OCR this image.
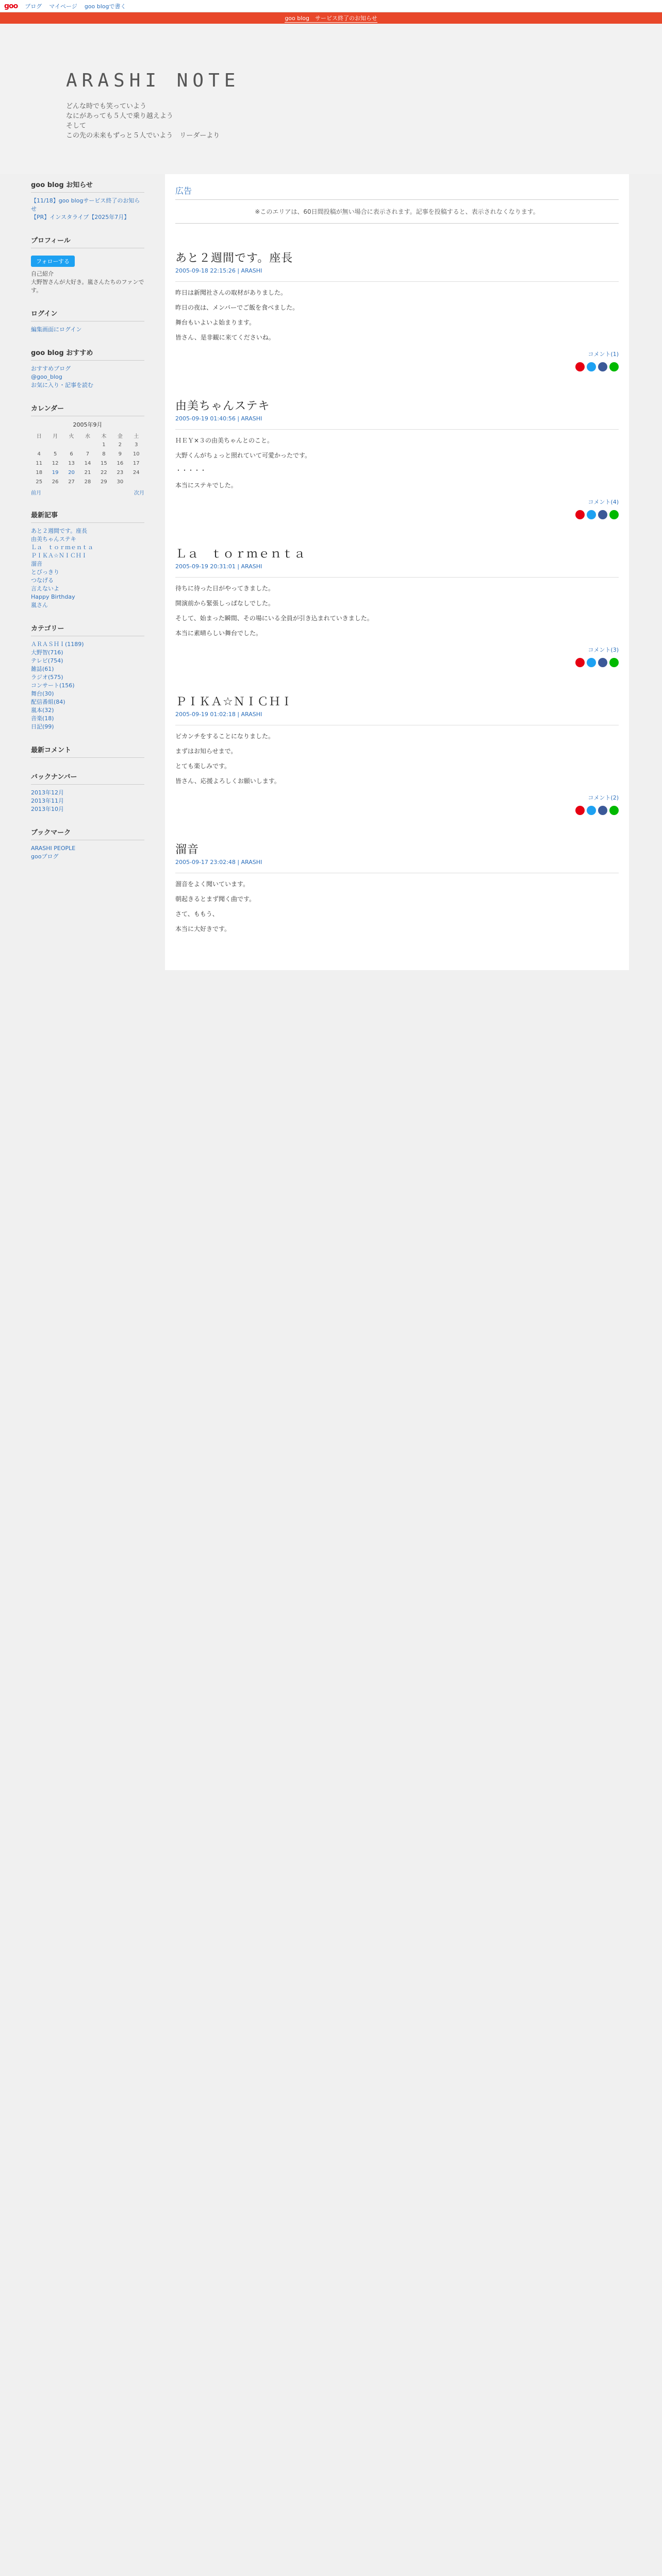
goo ブログ マイページ goo blogで書く
goo blog　サービス終了のお知らせ
ARASHI NOTE
どんな時でも笑っていよう
なにがあっても５人で乗り越えよう
そして
この先の未来もずっと５人でいよう　リーダーより
goo blog お知らせ
【11/18】goo blogサービス終了のお知らせ
【PR】インスタライブ【2025年7月】
プロフィール
フォローする
自己紹介
大野智さんが大好き。嵐さんたちのファンです。
ログイン
編集画面にログイン
goo blog おすすめ
おすすめブログ
@goo_blog
お気に入り・記事を読む
カレンダー
2005年9月
日	月	火	水	木	金	土
				1	2	3
4	5	6	7	8	9	10
11	12	13	14	15	16	17
18	19	20	21	22	23	24
25	26	27	28	29	30	
前月	次月
最新記事
あと２週間です。座長
由美ちゃんステキ
Ｌａ　ｔｏｒｍｅｎｔａ
ＰＩＫＡ☆ＮＩＣＨＩ
溜音
とびっきり
つなげる
言えないよ
Happy Birthday
嵐さん
カテゴリー
ＡＲＡＳＨＩ(1189)
大野智(716)
テレビ(754)
雑誌(61)
ラジオ(575)
コンサート(156)
舞台(30)
配信番組(84)
嵐本(32)
音楽(18)
日記(99)
最新コメント
バックナンバー
2013年12月
2013年11月
2013年10月
ブックマーク
ARASHI PEOPLE
gooブログ
広告
※このエリアは、60日間投稿が無い場合に表示されます。記事を投稿すると、表示されなくなります。
あと２週間です。座長
2005-09-18 22:15:26 | ARASHI

昨日は新聞社さんの取材がありました。

昨日の夜は、メンバーでご飯を食べました。

舞台もいよいよ始まります。

皆さん、是非観に来てくださいね。

コメント(1)
由美ちゃんステキ
2005-09-19 01:40:56 | ARASHI

ＨＥＹ×３の由美ちゃんとのこと。

大野くんがちょっと照れていて可愛かったです。

・・・・・

本当にステキでした。

コメント(4)
Ｌａ　ｔｏｒｍｅｎｔａ
2005-09-19 20:31:01 | ARASHI

待ちに待った日がやってきました。

開演前から緊張しっぱなしでした。

そして、始まった瞬間、その場にいる全員が引き込まれていきました。

本当に素晴らしい舞台でした。

コメント(3)
ＰＩＫＡ☆ＮＩＣＨＩ
2005-09-19 01:02:18 | ARASHI

ピカンチをすることになりました。

まずはお知らせまで。

とても楽しみです。

皆さん、応援よろしくお願いします。

コメント(2)
溜音
2005-09-17 23:02:48 | ARASHI

溜音をよく聞いています。

朝起きるとまず聞く曲です。

さて、ももう、

本当に大好きです。
